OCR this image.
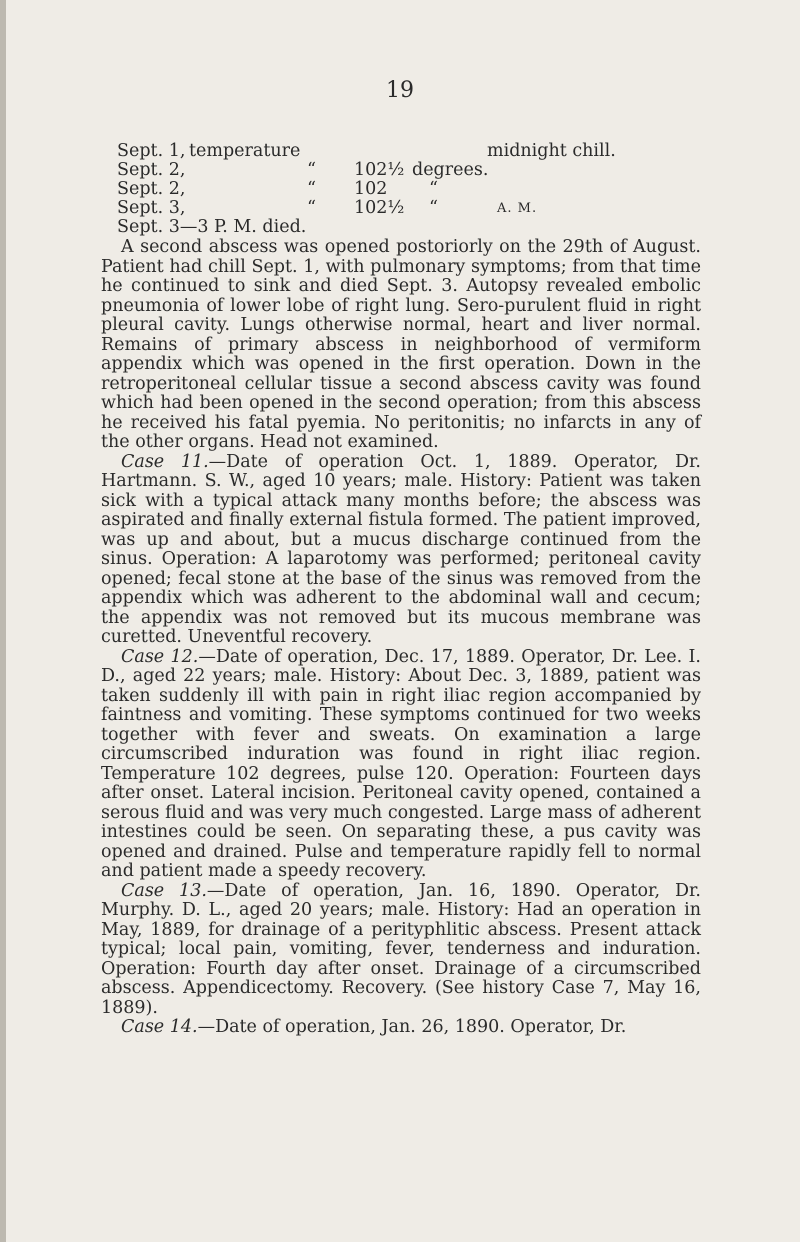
19
Sept. 1, temperature	midnight chill.
Sept. 2,	“ 102½ degrees.
Sept. 2,	“ 102 “
Sept. 3,	“ 102½ “	A. M.
Sept. 3—3 P. M. died.

A second abscess was opened postoriorly on the 29th of August. Patient had chill Sept. 1, with pulmonary symptoms; from that time he continued to sink and died Sept. 3. Autopsy revealed embolic pneumonia of lower lobe of right lung. Sero-purulent fluid in right pleural cavity. Lungs otherwise normal, heart and liver normal. Remains of primary abscess in neighborhood of vermiform appendix which was opened in the first operation. Down in the retroperitoneal cellular tissue a second abscess cavity was found which had been opened in the second operation; from this abscess he received his fatal pyemia. No peritonitis; no infarcts in any of the other organs. Head not examined.

Case 11.—Date of operation Oct. 1, 1889. Operator, Dr. Hartmann. S. W., aged 10 years; male. History: Patient was taken sick with a typical attack many months before; the abscess was aspirated and finally external fistula formed. The patient improved, was up and about, but a mucus discharge continued from the sinus. Operation: A laparotomy was performed; peritoneal cavity opened; fecal stone at the base of the sinus was removed from the appendix which was adherent to the abdominal wall and cecum; the appendix was not removed but its mucous membrane was curetted. Uneventful recovery.

Case 12.—Date of operation, Dec. 17, 1889. Operator, Dr. Lee. I. D., aged 22 years; male. History: About Dec. 3, 1889, patient was taken suddenly ill with pain in right iliac region accompanied by faintness and vomiting. These symptoms continued for two weeks together with fever and sweats. On examination a large circumscribed induration was found in right iliac region. Temperature 102 degrees, pulse 120. Operation: Fourteen days after onset. Lateral incision. Peritoneal cavity opened, contained a serous fluid and was very much congested. Large mass of adherent intestines could be seen. On separating these, a pus cavity was opened and drained. Pulse and temperature rapidly fell to normal and patient made a speedy recovery.

Case 13.—Date of operation, Jan. 16, 1890. Operator, Dr. Murphy. D. L., aged 20 years; male. History: Had an operation in May, 1889, for drainage of a perityphlitic abscess. Present attack typical; local pain, vomiting, fever, tenderness and induration. Operation: Fourth day after onset. Drainage of a circumscribed abscess. Appendicectomy. Recovery. (See history Case 7, May 16, 1889).

Case 14.—Date of operation, Jan. 26, 1890. Operator, Dr.
